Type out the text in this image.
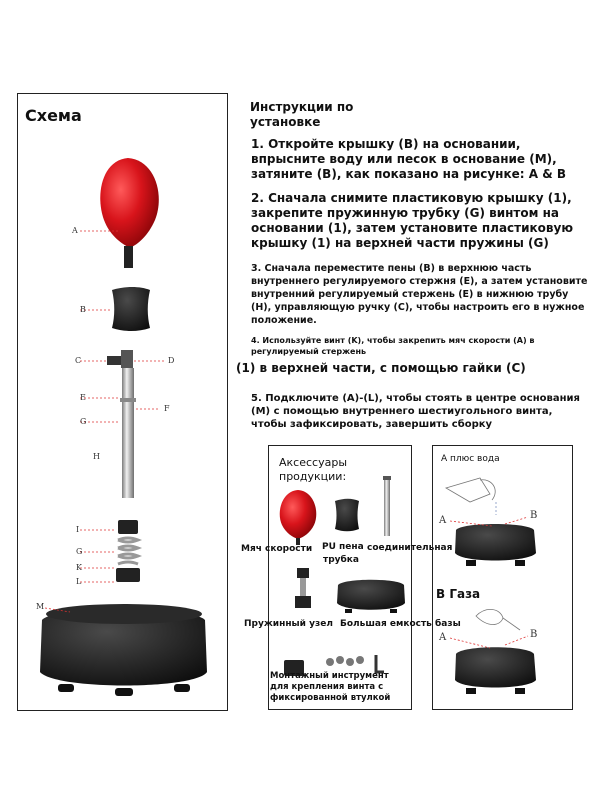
Схема
A
B
C	D
E
F
G
H
I
G
K
L
M
Инструкции по установке
1. Откройте крышку (B) на основании, впрысните воду или песок в основание (M), затяните (B), как показано на рисунке: A & B
2. Сначала снимите пластиковую крышку (1), закрепите пружинную трубку (G) винтом на основании (1), затем установите пластиковую крышку (1) на верхней части пружины (G)
3. Сначала переместите пены (B) в верхнюю часть внутреннего регулируемого стержня (E), а затем установите внутренний регулируемый стержень (E) в нижнюю трубу (H), управляющую ручку (C), чтобы настроить его в нужное положение.
4. Используйте винт (K), чтобы закрепить мяч скорости (A) в регулируемый стержень
(1) в верхней части, с помощью гайки (C)
5. Подключите (A)-(L), чтобы стоять в центре основания (M) с помощью внутреннего шестиугольного винта, чтобы зафиксировать, завершить сборку
Аксессуары продукции:
Мяч скорости PU пена соединительная трубка
Пружинный узел Большая емкость базы
Монтажный инструмент для крепления винта с фиксированной втулкой
A плюс вода
B Газа
A	B
A	B
